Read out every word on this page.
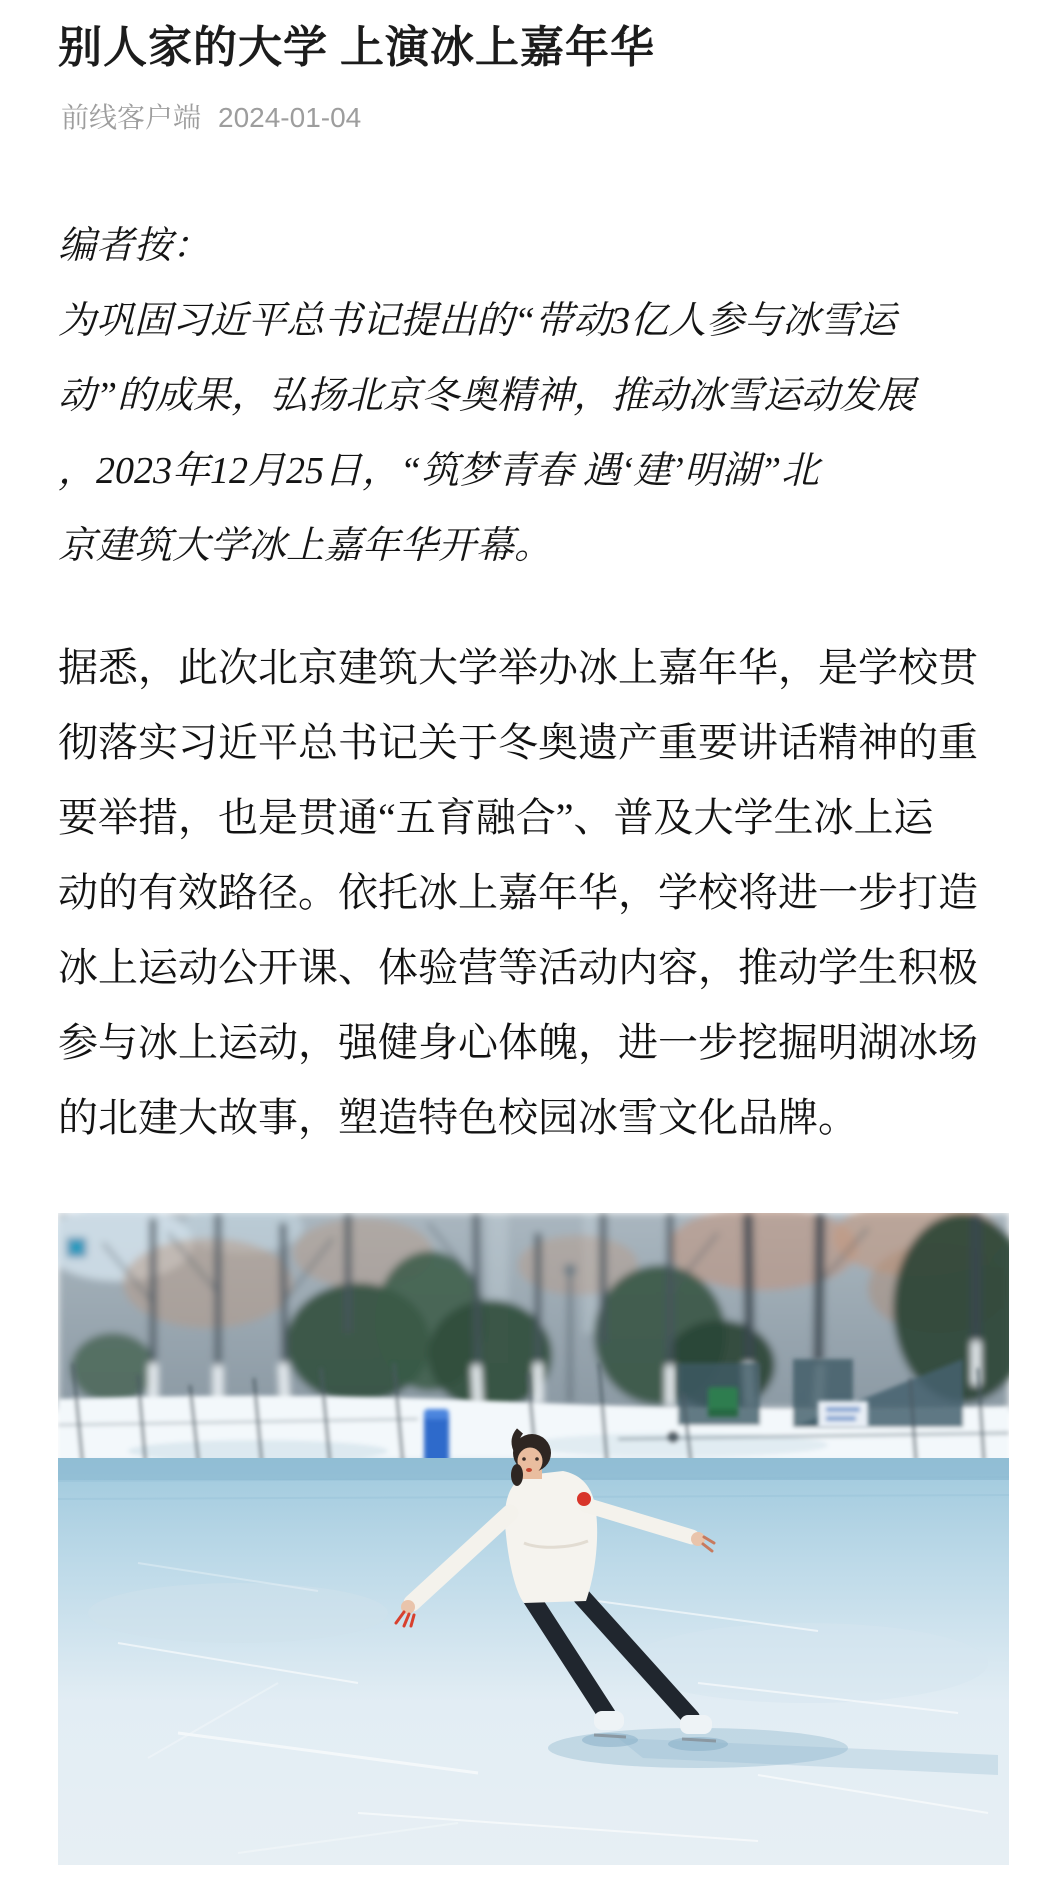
别人家的大学 上演冰上嘉年华
前线客户端 2024-01-04
编者按：
为巩固习近平总书记提出的“带动3亿人参与冰雪运
动”的成果，弘扬北京冬奥精神，推动冰雪运动发展
，2023年12月25日，“筑梦青春 遇‘建’明湖”北
京建筑大学冰上嘉年华开幕。
据悉，此次北京建筑大学举办冰上嘉年华，是学校贯
彻落实习近平总书记关于冬奥遗产重要讲话精神的重
要举措，也是贯通“五育融合”、普及大学生冰上运
动的有效路径。依托冰上嘉年华，学校将进一步打造
冰上运动公开课、体验营等活动内容，推动学生积极
参与冰上运动，强健身心体魄，进一步挖掘明湖冰场
的北建大故事，塑造特色校园冰雪文化品牌。
